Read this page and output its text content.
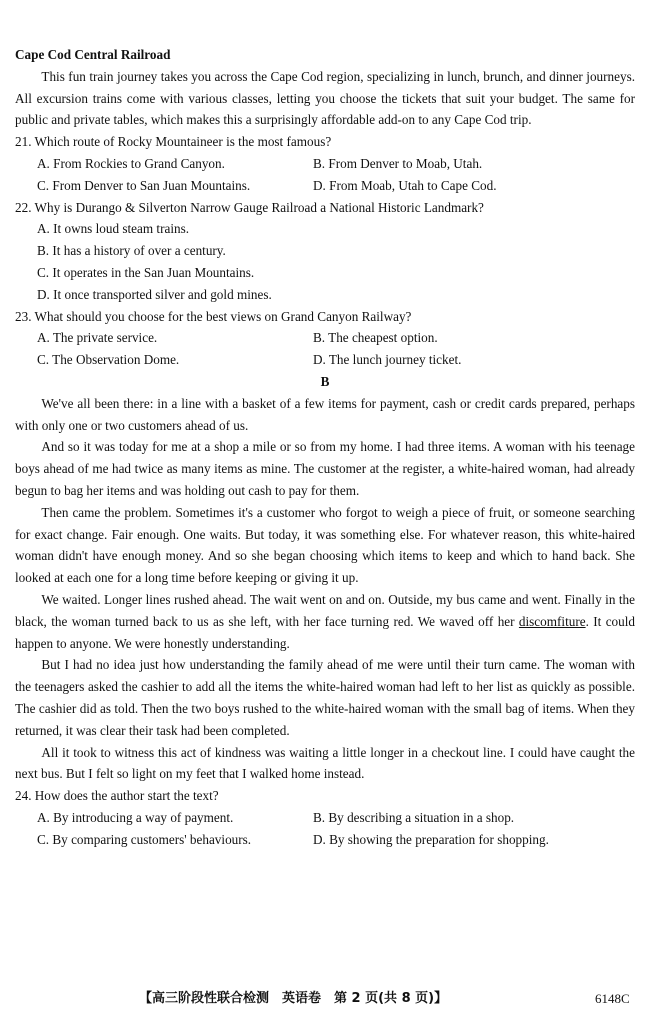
Cape Cod Central Railroad

This fun train journey takes you across the Cape Cod region, specializing in lunch, brunch, and dinner journeys. All excursion trains come with various classes, letting you choose the tickets that suit your budget. The same for public and private tables, which makes this a surprisingly affordable add-on to any Cape Cod trip.

21. Which route of Rocky Mountaineer is the most famous?

A. From Rockies to Grand Canyon.	B. From Denver to Moab, Utah.
C. From Denver to San Juan Mountains.	D. From Moab, Utah to Cape Cod.

22. Why is Durango & Silverton Narrow Gauge Railroad a National Historic Landmark?

A. It owns loud steam trains.

B. It has a history of over a century.

C. It operates in the San Juan Mountains.

D. It once transported silver and gold mines.

23. What should you choose for the best views on Grand Canyon Railway?

A. The private service.	B. The cheapest option.
C. The Observation Dome.	D. The lunch journey ticket.

B

We've all been there: in a line with a basket of a few items for payment, cash or credit cards prepared, perhaps with only one or two customers ahead of us.

And so it was today for me at a shop a mile or so from my home. I had three items. A woman with his teenage boys ahead of me had twice as many items as mine. The customer at the register, a white-haired woman, had already begun to bag her items and was holding out cash to pay for them.

Then came the problem. Sometimes it's a customer who forgot to weigh a piece of fruit, or someone searching for exact change. Fair enough. One waits. But today, it was something else. For whatever reason, this white-haired woman didn't have enough money. And so she began choosing which items to keep and which to hand back. She looked at each one for a long time before keeping or giving it up.

We waited. Longer lines rushed ahead. The wait went on and on. Outside, my bus came and went. Finally in the black, the woman turned back to us as she left, with her face turning red. We waved off her discomfiture. It could happen to anyone. We were honestly understanding.

But I had no idea just how understanding the family ahead of me were until their turn came. The woman with the teenagers asked the cashier to add all the items the white-haired woman had left to her list as quickly as possible. The cashier did as told. Then the two boys rushed to the white-haired woman with the small bag of items. When they returned, it was clear their task had been completed.

All it took to witness this act of kindness was waiting a little longer in a checkout line. I could have caught the next bus. But I felt so light on my feet that I walked home instead.

24. How does the author start the text?

A. By introducing a way of payment.	B. By describing a situation in a shop.
C. By comparing customers' behaviours.	D. By showing the preparation for shopping.
【高三阶段性联合检测　英语卷　第 2 页(共 8 页)】	6148C
